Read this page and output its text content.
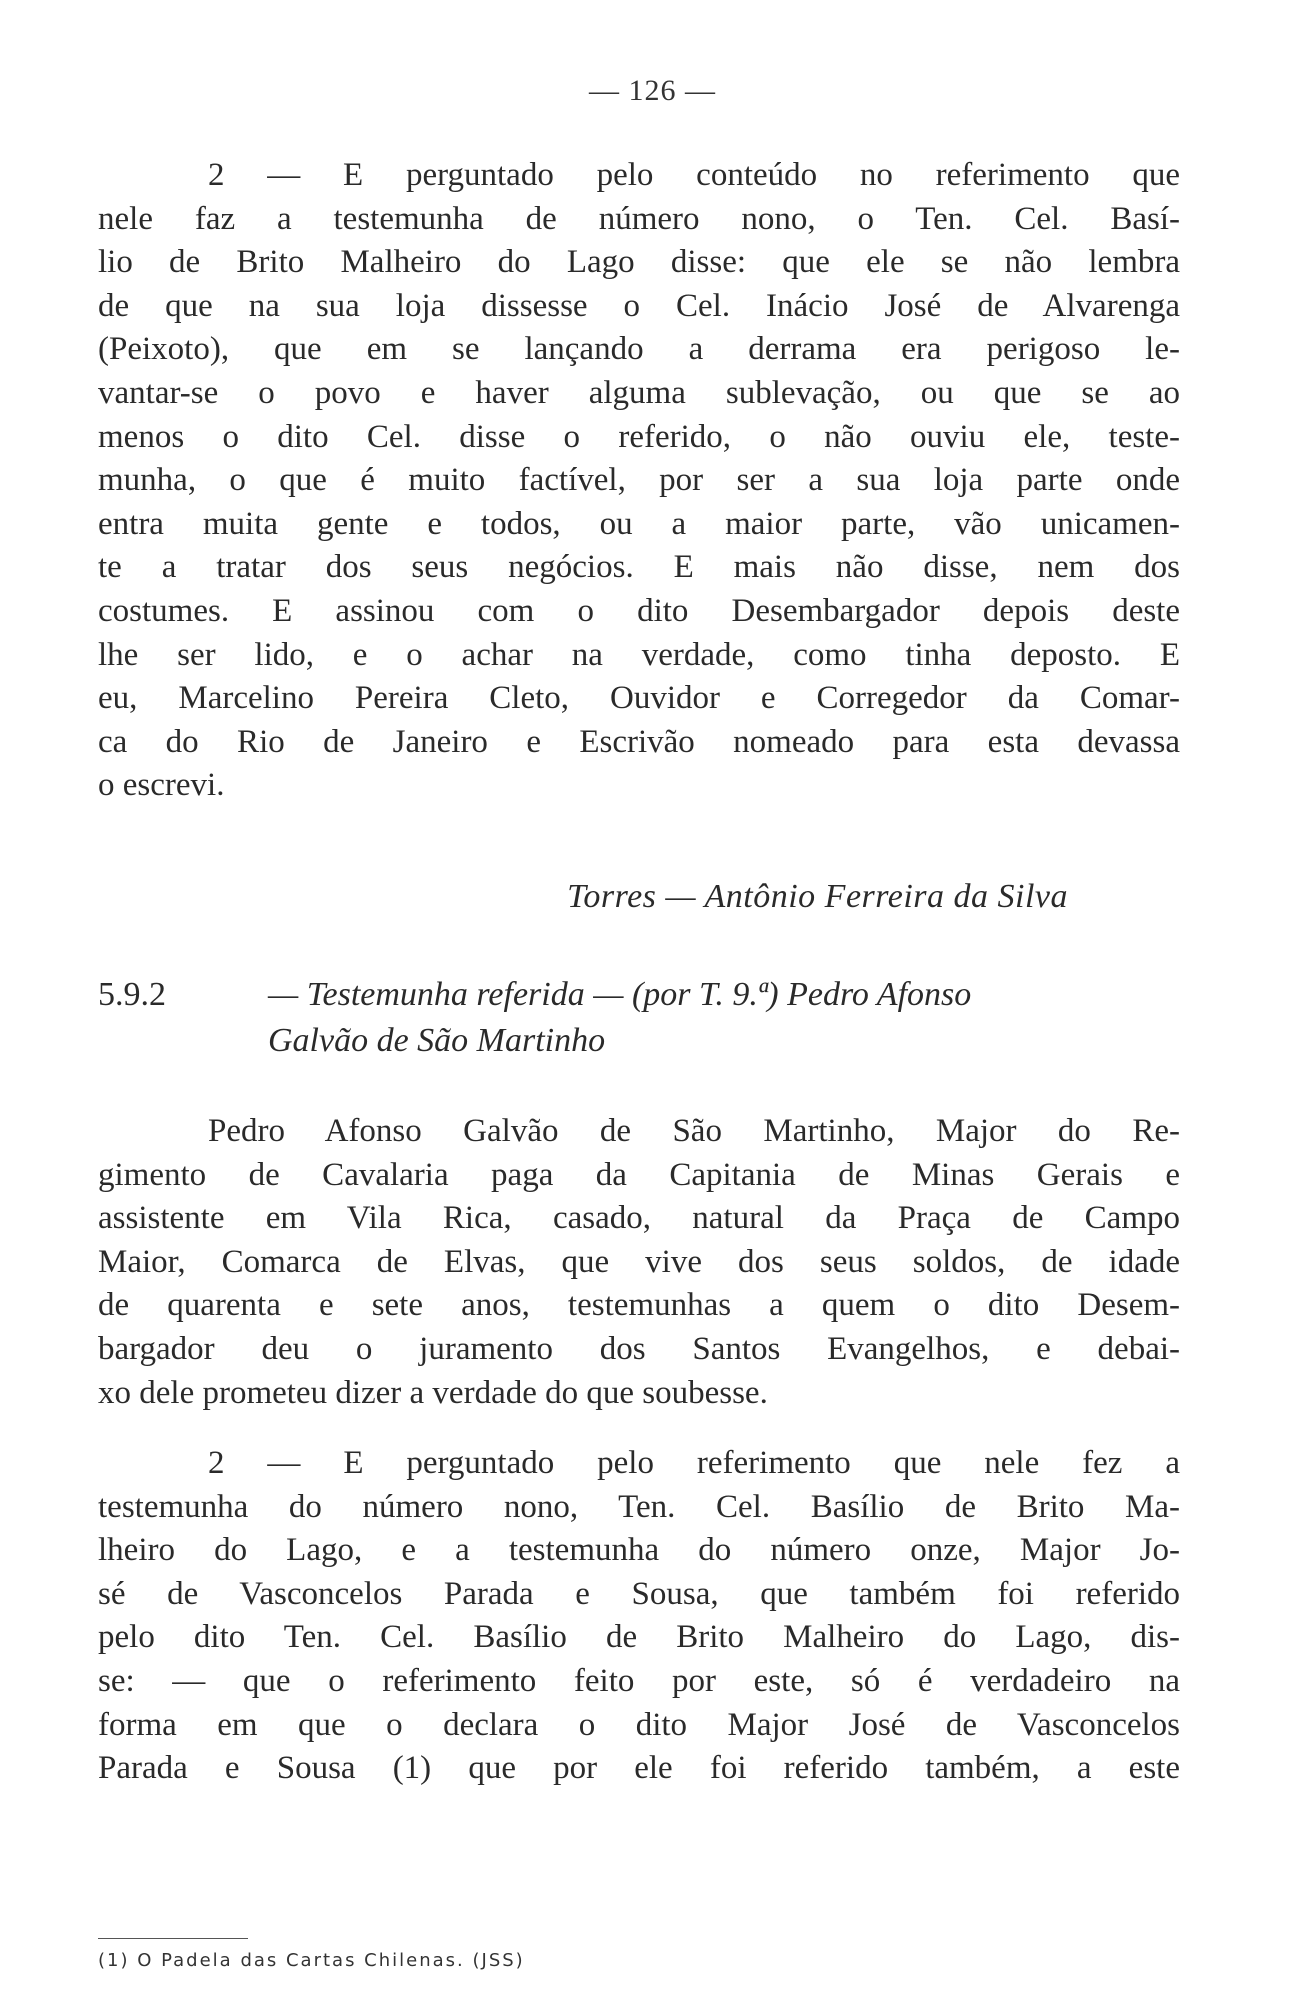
— 126 —
2 — E perguntado pelo conteúdo no referimento que
nele faz a testemunha de número nono, o Ten. Cel. Basí-
lio de Brito Malheiro do Lago disse: que ele se não lembra
de que na sua loja dissesse o Cel. Inácio José de Alvarenga
(Peixoto), que em se lançando a derrama era perigoso le-
vantar-se o povo e haver alguma sublevação, ou que se ao
menos o dito Cel. disse o referido, o não ouviu ele, teste-
munha, o que é muito factível, por ser a sua loja parte onde
entra muita gente e todos, ou a maior parte, vão unicamen-
te a tratar dos seus negócios. E mais não disse, nem dos
costumes. E assinou com o dito Desembargador depois deste
lhe ser lido, e o achar na verdade, como tinha deposto. E
eu, Marcelino Pereira Cleto, Ouvidor e Corregedor da Comar-
ca do Rio de Janeiro e Escrivão nomeado para esta devassa
o escrevi.
Torres — Antônio Ferreira da Silva
5.9.2	— Testemunha referida — (por T. 9.ª) Pedro Afonso
Galvão de São Martinho
Pedro Afonso Galvão de São Martinho, Major do Re-
gimento de Cavalaria paga da Capitania de Minas Gerais e
assistente em Vila Rica, casado, natural da Praça de Campo
Maior, Comarca de Elvas, que vive dos seus soldos, de idade
de quarenta e sete anos, testemunhas a quem o dito Desem-
bargador deu o juramento dos Santos Evangelhos, e debai-
xo dele prometeu dizer a verdade do que soubesse.
2 — E perguntado pelo referimento que nele fez a
testemunha do número nono, Ten. Cel. Basílio de Brito Ma-
lheiro do Lago, e a testemunha do número onze, Major Jo-
sé de Vasconcelos Parada e Sousa, que também foi referido
pelo dito Ten. Cel. Basílio de Brito Malheiro do Lago, dis-
se: — que o referimento feito por este, só é verdadeiro na
forma em que o declara o dito Major José de Vasconcelos
Parada e Sousa (1) que por ele foi referido também, a este
(1) O Padela das Cartas Chilenas. (JSS)
